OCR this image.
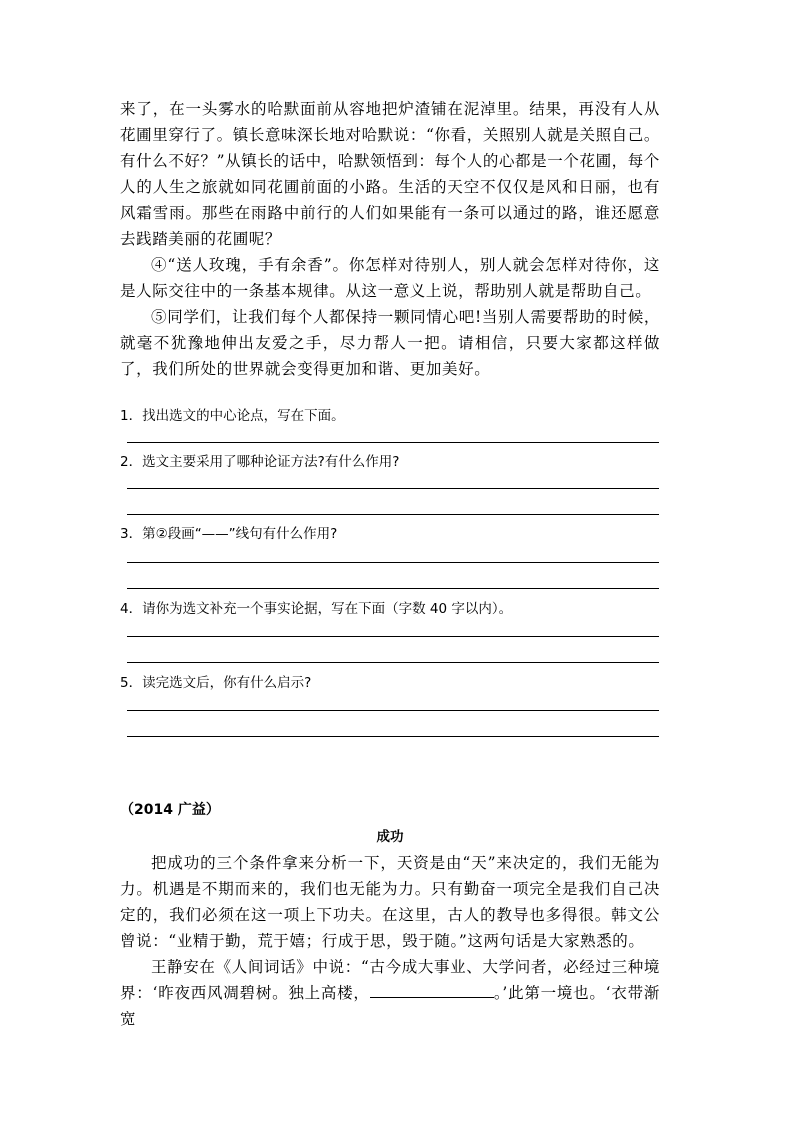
来了，在一头雾水的哈默面前从容地把炉渣铺在泥淖里。结果，再没有人从花圃里穿行了。镇长意味深长地对哈默说：“你看，关照别人就是关照自己。有什么不好？”从镇长的话中，哈默领悟到：每个人的心都是一个花圃，每个人的人生之旅就如同花圃前面的小路。生活的天空不仅仅是风和日丽，也有风霜雪雨。那些在雨路中前行的人们如果能有一条可以通过的路，谁还愿意去践踏美丽的花圃呢？

④“送人玫瑰，手有余香”。你怎样对待别人，别人就会怎样对待你，这是人际交往中的一条基本规律。从这一意义上说，帮助别人就是帮助自己。

⑤同学们，让我们每个人都保持一颗同情心吧!当别人需要帮助的时候，就毫不犹豫地伸出友爱之手，尽力帮人一把。请相信，只要大家都这样做了，我们所处的世界就会变得更加和谐、更加美好。

1．找出选文的中心论点，写在下面。

2．选文主要采用了哪种论证方法?有什么作用?

3．第②段画“——”线句有什么作用?

4．请你为选文补充一个事实论据，写在下面（字数 40 字以内）。

5．读完选文后，你有什么启示?

（2014 广益）
成功

把成功的三个条件拿来分析一下，天资是由“天”来决定的，我们无能为力。机遇是不期而来的，我们也无能为力。只有勤奋一项完全是我们自己决定的，我们必须在这一项上下功夫。在这里，古人的教导也多得很。韩文公曾说：“业精于勤，荒于嬉；行成于思，毁于随。”这两句话是大家熟悉的。

王静安在《人间词话》中说：“古今成大事业、大学问者，必经过三种境界：‘昨夜西风凋碧树。独上高楼，	。’此第一境也。‘衣带渐宽
